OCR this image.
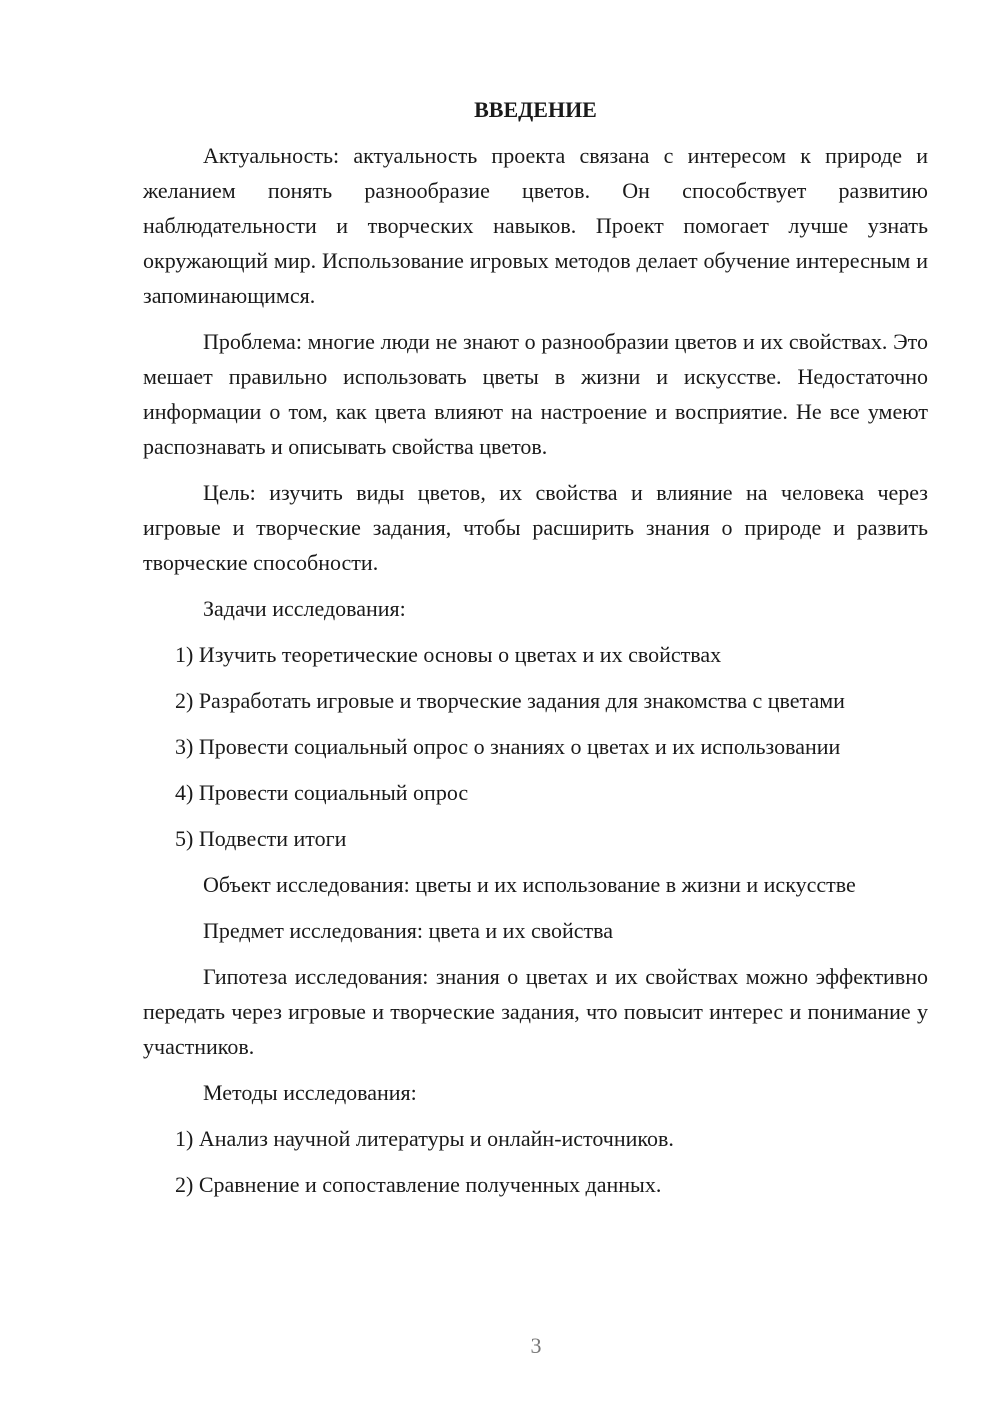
ВВЕДЕНИЕ

Актуальность: актуальность проекта связана с интересом к природе и желанием понять разнообразие цветов. Он способствует развитию наблюдательности и творческих навыков. Проект помогает лучше узнать окружающий мир. Использование игровых методов делает обучение интересным и запоминающимся.

Проблема: многие люди не знают о разнообразии цветов и их свойствах. Это мешает правильно использовать цветы в жизни и искусстве. Недостаточно информации о том, как цвета влияют на настроение и восприятие. Не все умеют распознавать и описывать свойства цветов.

Цель: изучить виды цветов, их свойства и влияние на человека через игровые и творческие задания, чтобы расширить знания о природе и развить творческие способности.

Задачи исследования:

1) Изучить теоретические основы о цветах и их свойствах

2) Разработать игровые и творческие задания для знакомства с цветами

3) Провести социальный опрос о знаниях о цветах и их использовании

4) Провести социальный опрос

5) Подвести итоги

Объект исследования: цветы и их использование в жизни и искусстве

Предмет исследования: цвета и их свойства

Гипотеза исследования: знания о цветах и их свойствах можно эффективно передать через игровые и творческие задания, что повысит интерес и понимание у участников.

Методы исследования:

1) Анализ научной литературы и онлайн-источников.

2) Сравнение и сопоставление полученных данных.

3
